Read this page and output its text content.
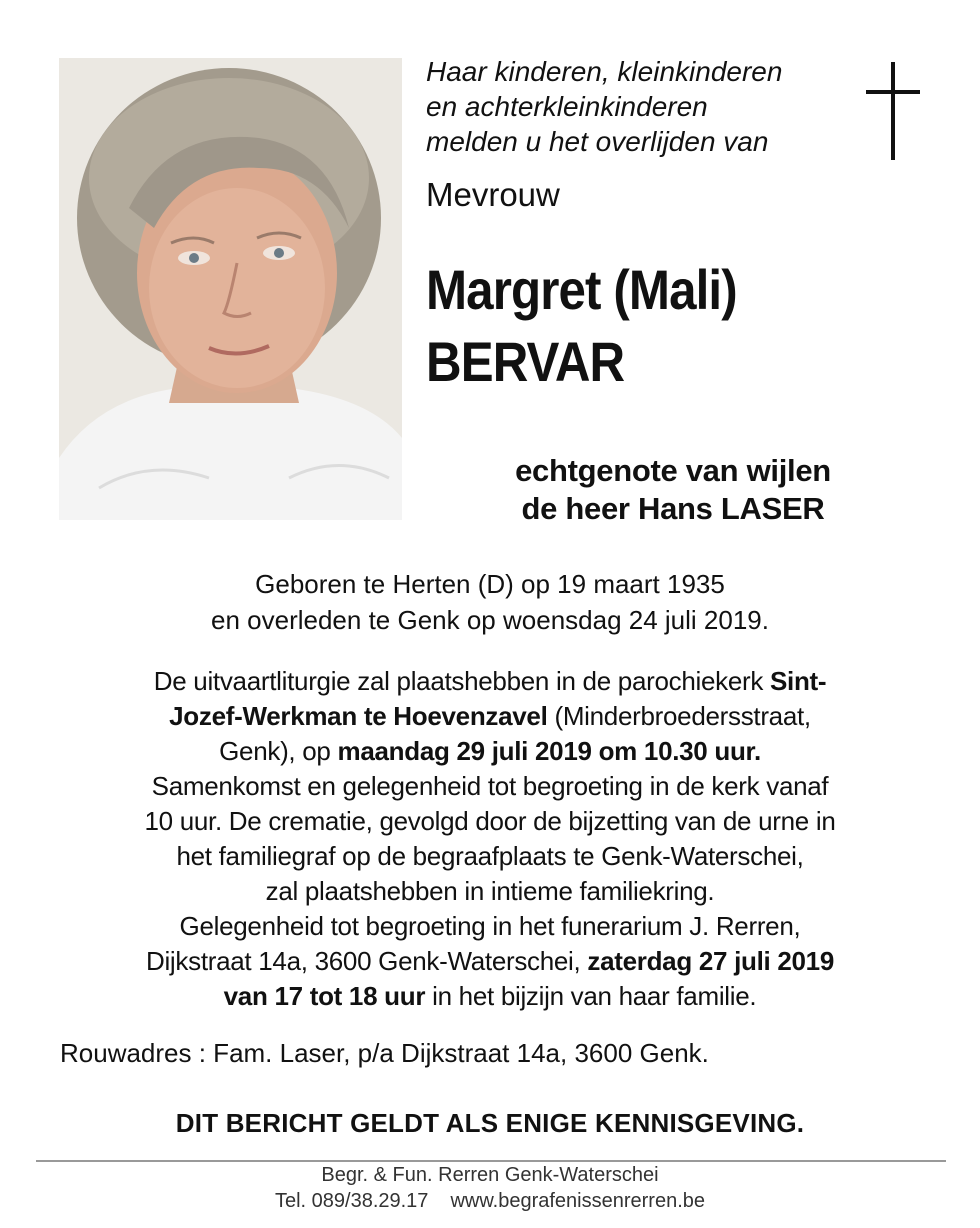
Haar kinderen, kleinkinderen
en achterkleinkinderen
melden u het overlijden van
Mevrouw
Margret (Mali)
BERVAR
echtgenote van wijlen
de heer Hans LASER
Geboren te Herten (D) op 19 maart 1935
en overleden te Genk op woensdag 24 juli 2019.
De uitvaartliturgie zal plaatshebben in de parochiekerk Sint-
Jozef-Werkman te Hoevenzavel (Minderbroedersstraat,
Genk), op maandag 29 juli 2019 om 10.30 uur.
Samenkomst en gelegenheid tot begroeting in de kerk vanaf
10 uur. De crematie, gevolgd door de bijzetting van de urne in
het familiegraf op de begraafplaats te Genk-Waterschei,
zal plaatshebben in intieme familiekring.
Gelegenheid tot begroeting in het funerarium J. Rerren,
Dijkstraat 14a, 3600 Genk-Waterschei, zaterdag 27 juli 2019
van 17 tot 18 uur in het bijzijn van haar familie.
Rouwadres : Fam. Laser, p/a Dijkstraat 14a, 3600 Genk.
DIT BERICHT GELDT ALS ENIGE KENNISGEVING.
Begr. & Fun. Rerren Genk-Waterschei
Tel. 089/38.29.17 www.begrafenissenrerren.be
